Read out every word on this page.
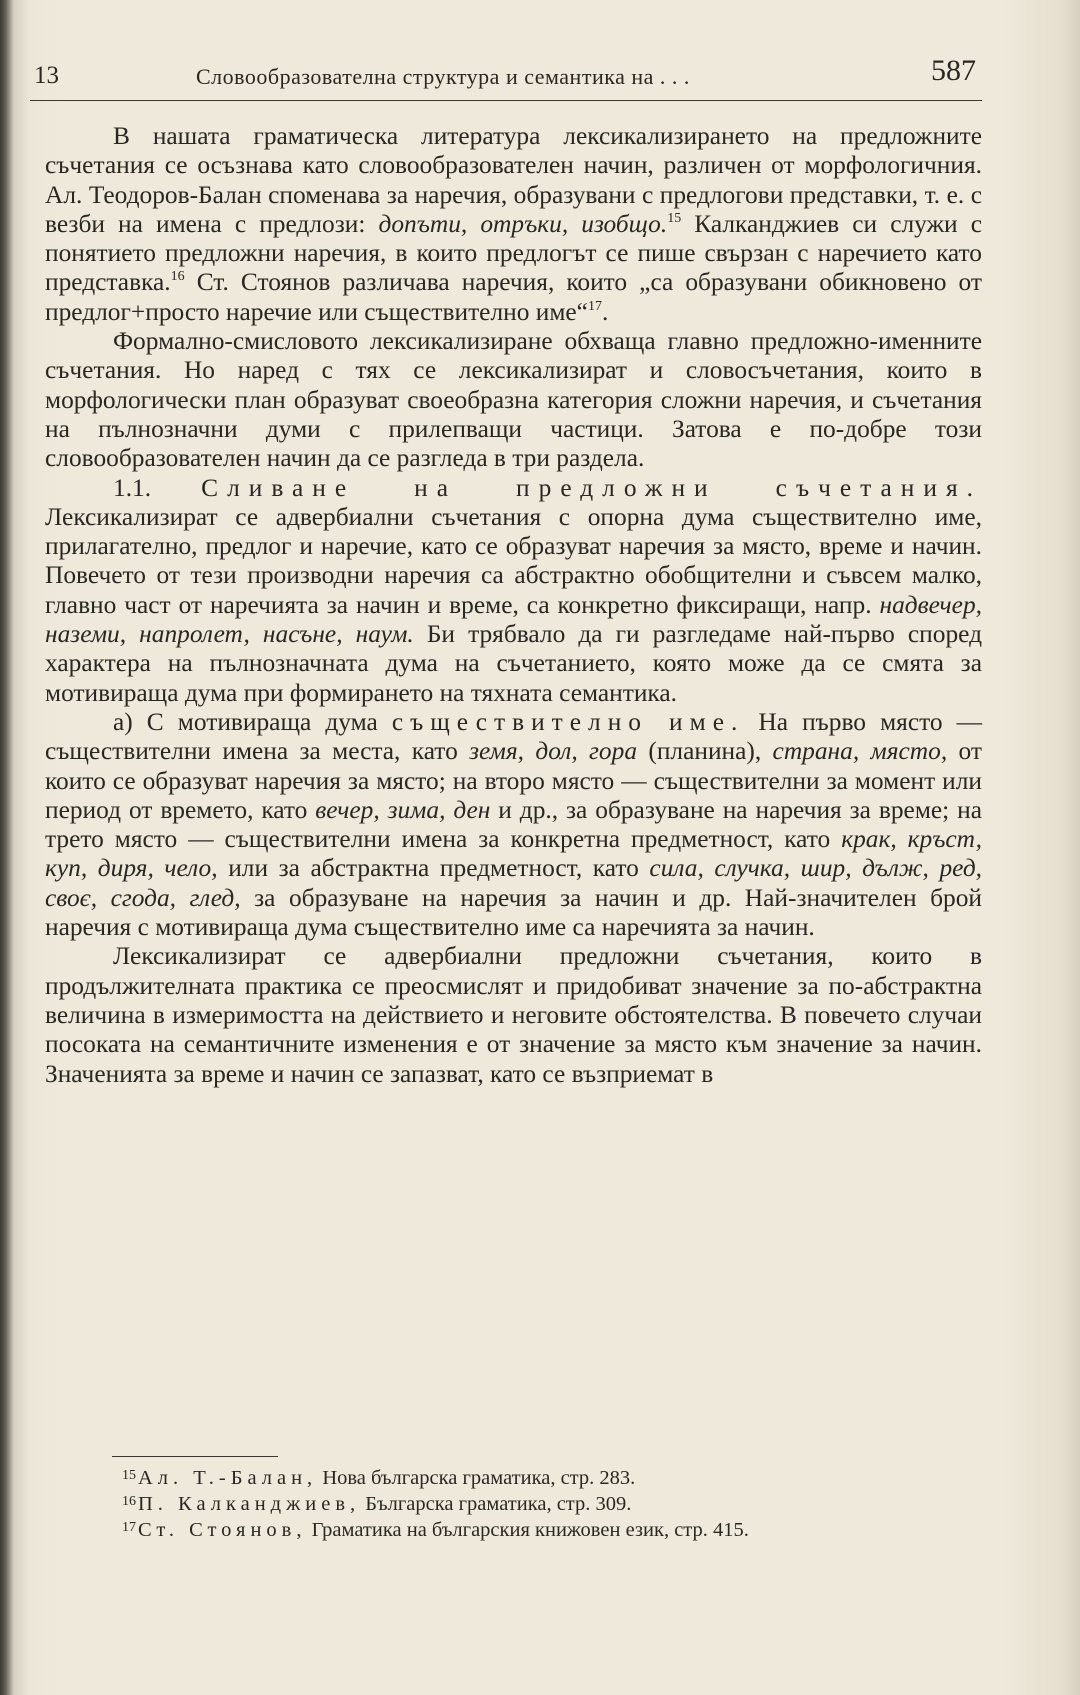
13	Словообразователна структура и семантика на . . .	587

В нашата граматическа литература лексикализирането на предложните съчетания се осъзнава като словообразователен начин, различен от морфологичния. Ал. Теодоров-Балан споменава за наречия, образувани с предлогови представки, т. е. с везби на имена с предлози: допъти, отръки, изобщо.$^{15}$ Калканджиев си служи с понятието предложни наречия, в които предлогът се пише свързан с наречието като представка.$^{16}$ Ст. Стоянов различава наречия, които „са образувани обикновено от предлог+просто наречие или съществително име“$^{17}$.

Формално-смисловото лексикализиране обхваща главно предложно-именните съчетания. Но наред с тях се лексикализират и словосъчетания, които в морфологически план образуват своеобразна категория сложни наречия, и съчетания на пълнозначни думи с прилепващи частици. Затова е по-добре този словообразователен начин да се разгледа в три раздела.

1.1. Сливане на предложни съчетания. Лексикализират се адвербиални съчетания с опорна дума съществително име, прилагателно, предлог и наречие, като се образуват наречия за място, време и начин. Повечето от тези производни наречия са абстрактно обобщителни и съвсем малко, главно част от наречията за начин и време, са конкретно фиксиращи, напр. надвечер, наземи, напролет, насъне, наум. Би трябвало да ги разгледаме най-първо според характера на пълнозначната дума на съчетанието, която може да се смята за мотивираща дума при формирането на тяхната семантика.

а) С мотивираща дума съществително име. На първо място — съществителни имена за места, като земя, дол, гора (планина), страна, място, от които се образуват наречия за място; на второ място — съществителни за момент или период от времето, като вечер, зима, ден и др., за образуване на наречия за време; на трето място — съществителни имена за конкретна предметност, като крак, кръст, куп, диря, чело, или за абстрактна предметност, като сила, случка, шир, дълж, ред, своє, сгода, глед, за образуване на наречия за начин и др. Най-значителен брой наречия с мотивираща дума съществително име са наречията за начин.

Лексикализират се адвербиални предложни съчетания, които в продължителната практика се преосмислят и придобиват значение за по-абстрактна величина в измеримостта на действието и неговите обстоятелства. В повечето случаи посоката на семантичните изменения е от значение за място към значение за начин. Значенията за време и начин се запазват, като се възприемат в

$^{15}$Ал. Т.-Балан, Нова българска граматика, стр. 283.
$^{16}$П. Калканджиев, Българска граматика, стр. 309.
$^{17}$Ст. Стоянов, Граматика на българския книжовен език, стр. 415.
